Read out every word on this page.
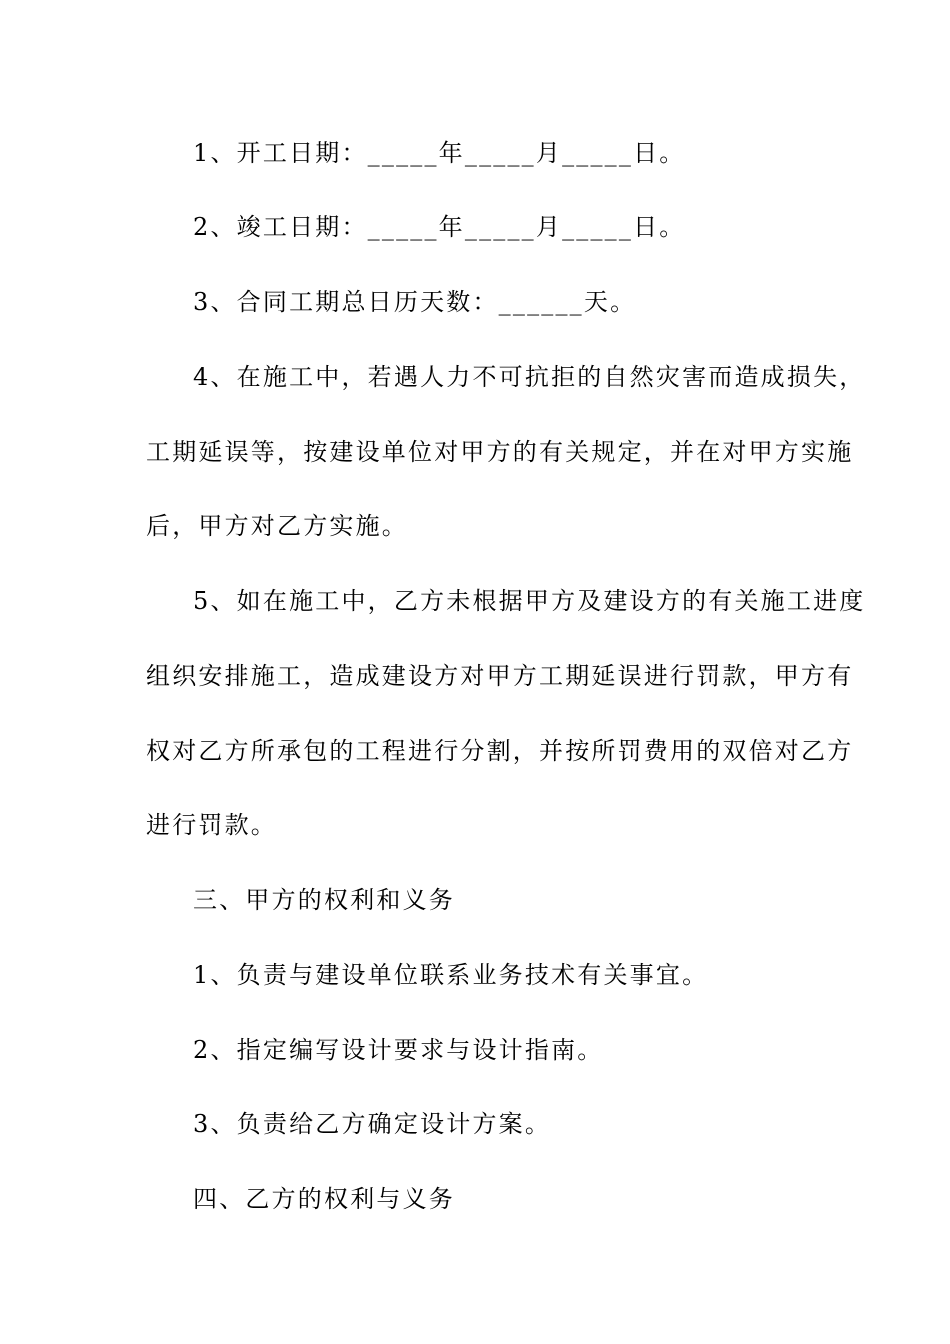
1、开工日期：_____年_____月_____日。
2、竣工日期：_____年_____月_____日。
3、合同工期总日历天数：______天。
4、在施工中，若遇人力不可抗拒的自然灾害而造成损失，
工期延误等，按建设单位对甲方的有关规定，并在对甲方实施
后，甲方对乙方实施。
5、如在施工中，乙方未根据甲方及建设方的有关施工进度
组织安排施工，造成建设方对甲方工期延误进行罚款，甲方有
权对乙方所承包的工程进行分割，并按所罚费用的双倍对乙方
进行罚款。
三、甲方的权利和义务
1、负责与建设单位联系业务技术有关事宜。
2、指定编写设计要求与设计指南。
3、负责给乙方确定设计方案。
四、乙方的权利与义务
